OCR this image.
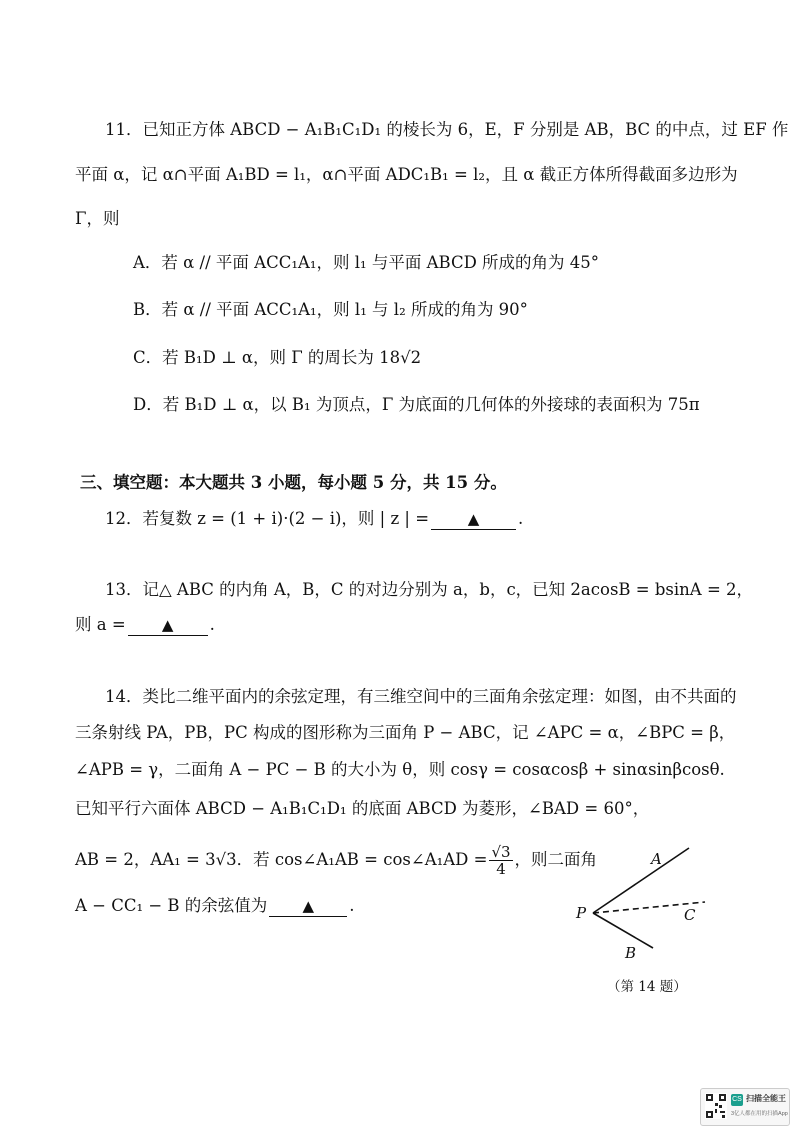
11．已知正方体 ABCD − A₁B₁C₁D₁ 的棱长为 6，E，F 分别是 AB，BC 的中点，过 EF 作
平面 α，记 α∩平面 A₁BD = l₁，α∩平面 ADC₁B₁ = l₂，且 α 截正方体所得截面多边形为
Γ，则
A．若 α // 平面 ACC₁A₁，则 l₁ 与平面 ABCD 所成的角为 45°
B．若 α // 平面 ACC₁A₁，则 l₁ 与 l₂ 所成的角为 90°
C．若 B₁D ⊥ α，则 Γ 的周长为 18√2
D．若 B₁D ⊥ α，以 B₁ 为顶点，Γ 为底面的几何体的外接球的表面积为 75π
三、填空题：本大题共 3 小题，每小题 5 分，共 15 分。
12．若复数 z = (1 + i)·(2 − i)，则 | z | =	▲ .
13．记△ ABC 的内角 A，B，C 的对边分别为 a，b，c，已知 2acosB = bsinA = 2，
则 a = ▲ .
14．类比二维平面内的余弦定理，有三维空间中的三面角余弦定理：如图，由不共面的
三条射线 PA，PB，PC 构成的图形称为三面角 P − ABC，记 ∠APC = α，∠BPC = β，
∠APB = γ，二面角 A − PC − B 的大小为 θ，则 cosγ = cosαcosβ + sinαsinβcosθ.
已知平行六面体 ABCD − A₁B₁C₁D₁ 的底面 ABCD 为菱形，∠BAD = 60°，
AB = 2，AA₁ = 3√3．若 cos∠A₁AB = cos∠A₁AD = $\frac{√3}{4}$ ，则二面角
A − CC₁ − B 的余弦值为 ▲ .
A
P	C
B
（第 14 题）
CS 扫描全能王
3亿人都在用的扫描App
